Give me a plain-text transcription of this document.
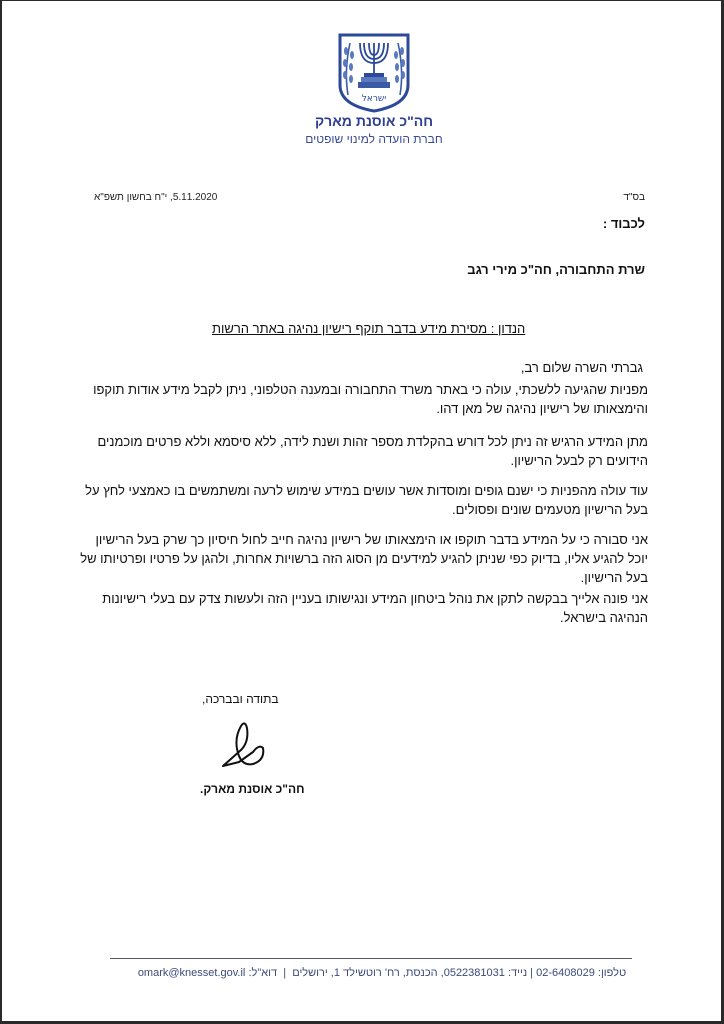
ישראל
חה"כ אוסנת מארק
חברת הועדה למינוי שופטים
בס"ד
5.11.2020, י"ח בחשון תשפ"א
לכבוד :
שרת התחבורה, חה"כ מירי רגב
הנדון : מסירת מידע בדבר תוקף רישיון נהיגה באתר הרשות
גברתי השרה שלום רב,
מפניות שהגיעה ללשכתי, עולה כי באתר משרד התחבורה ובמענה הטלפוני, ניתן לקבל מידע אודות תוקפו והימצאותו של רישיון נהיגה של מאן דהו.
מתן המידע הרגיש זה ניתן לכל דורש בהקלדת מספר זהות ושנת לידה, ללא סיסמא וללא פרטים מוכמנים הידועים רק לבעל הרישיון.
עוד עולה מהפניות כי ישנם גופים ומוסדות אשר עושים במידע שימוש לרעה ומשתמשים בו כאמצעי לחץ על בעל הרישיון מטעמים שונים ופסולים.
אני סבורה כי על המידע בדבר תוקפו או הימצאותו של רישיון נהיגה חייב לחול חיסיון כך שרק בעל הרישיון יוכל להגיע אליו, בדיוק כפי שניתן להגיע למידעים מן הסוג הזה ברשויות אחרות, ולהגן על פרטיו ופרטיותו של בעל הרישיון.
אני פונה אלייך בבקשה לתקן את נוהל ביטחון המידע ונגישותו בעניין הזה ולעשות צדק עם בעלי רישיונות הנהיגה בישראל.
בתודה ובברכה,
חה"כ אוסנת מארק.
טלפון: 02-6408029 | נייד: 0522381031, הכנסת, רח' רוטשילד 1, ירושלים  |  דוא"ל: omark@knesset.gov.il
